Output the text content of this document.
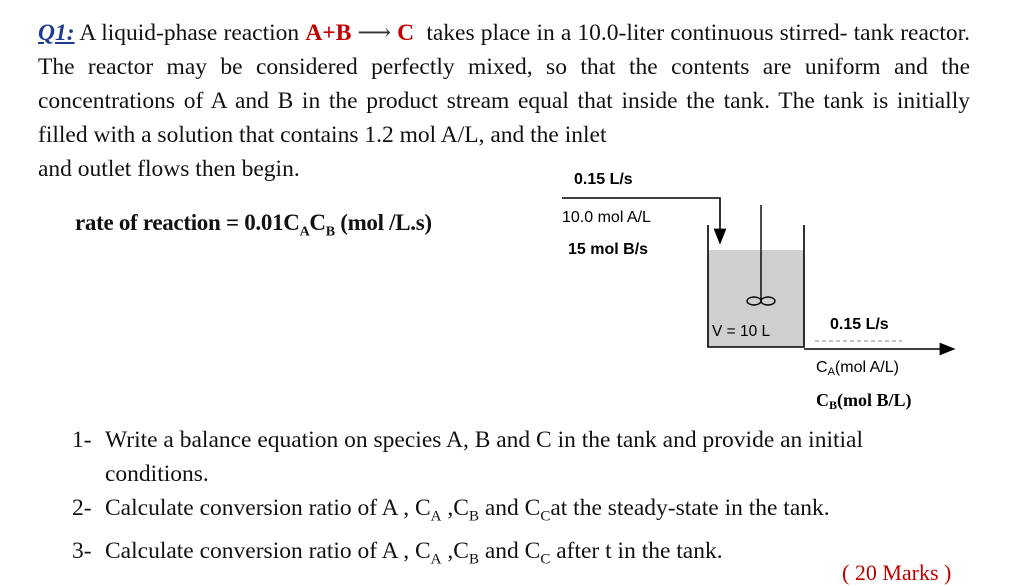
Q1: A liquid-phase reaction A+B ⟶ C takes place in a 10.0-liter continuous stirred- tank reactor. The reactor may be considered perfectly mixed, so that the contents are uniform and the concentrations of A and B in the product stream equal that inside the tank. The tank is initially filled with a solution that contains 1.2 mol A/L, and the inlet
and outlet flows then begin.
rate of reaction = $0.01C_AC_B$ (mol /L.s)
0.15 L/s
10.0 mol A/L
15 mol B/s
V = 10 L	0.15 L/s
CA(mol A/L)
CB(mol B/L)
1- Write a balance equation on species A, B and C in the tank and provide an initial conditions.
2- Calculate conversion ratio of A , $C_A$ $,C_B$ and $C_Cat$ the steady-state in the tank.
3- Calculate conversion ratio of A , $C_A$ $,C_B$ and $C_C$ after t in the tank.
( 20 Marks )
